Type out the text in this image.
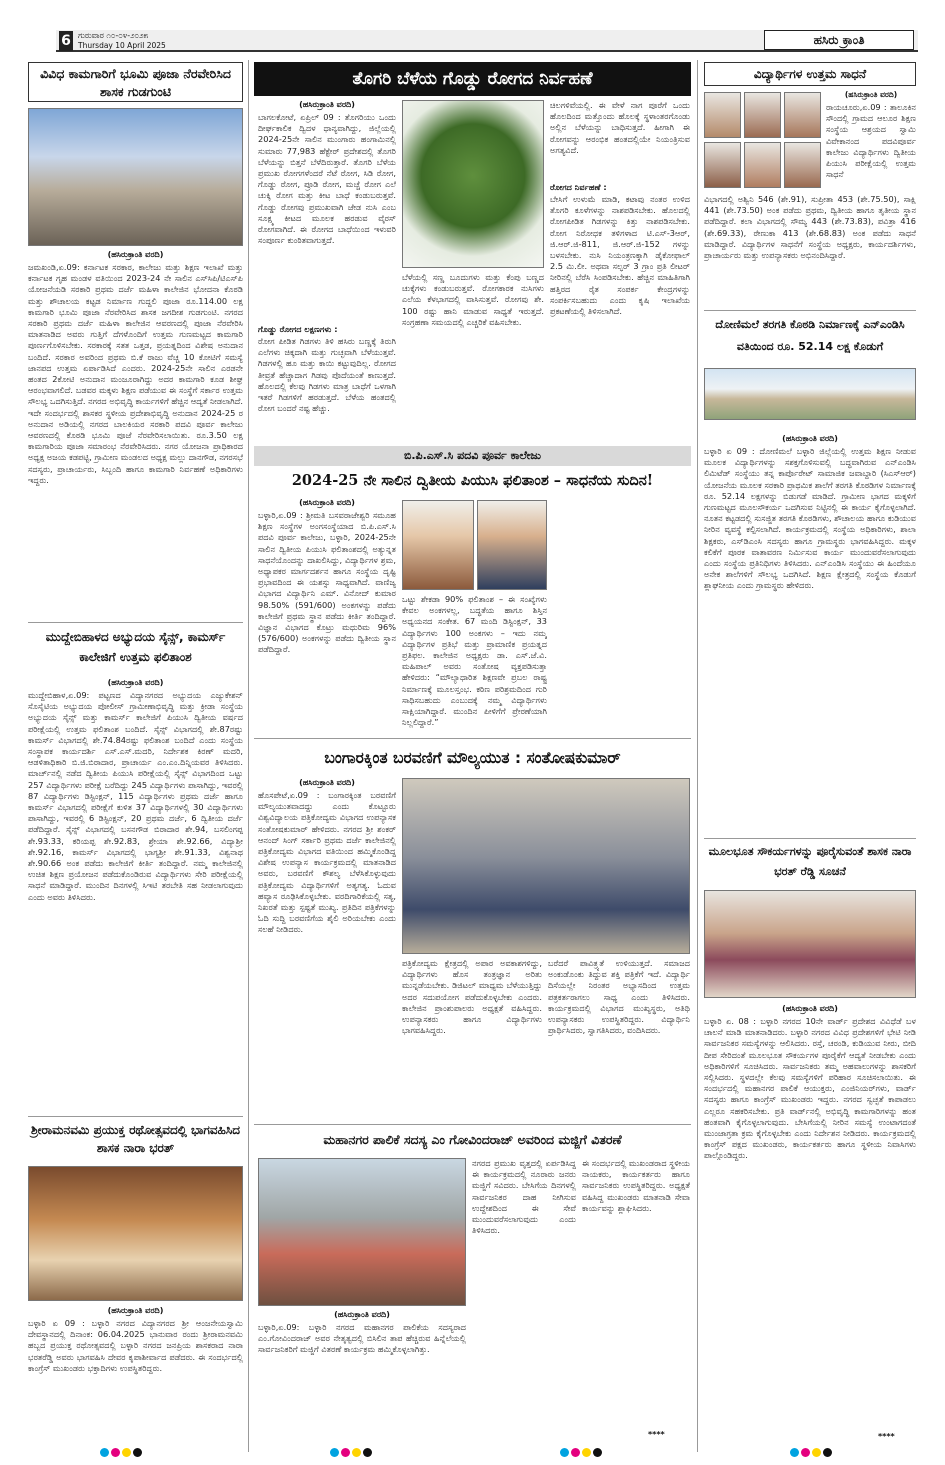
6 ಗುರುವಾರ ೧೦-೦೪-೨೦೨೫
Thursday 10 April 2025	ಹಸಿರು ಕ್ರಾಂತಿ
ವಿವಿಧ ಕಾಮಗಾರಿಗೆ ಭೂಮಿ ಪೂಜಾ ನೆರವೇರಿಸಿದ ಶಾಸಕ ಗುಡಗುಂಟಿ
(ಹಸಿರುಕ್ರಾಂತಿ ವರದಿ)
ಜಮಖಂಡಿ,ಏ.09: ಕರ್ನಾಟಕ ಸರಕಾರ, ಕಾಲೇಜು ಮತ್ತು ಶಿಕ್ಷಣ ಇಲಾಖೆ ಮತ್ತು ಕರ್ನಾಟಕ ಗೃಹ ಮಂಡಳ ವತಿಯಿಂದ 2023-24 ನೇ ಸಾಲಿನ ಎಸ್‌ಸಿಪಿ/ಟಿಎಸ್‌ಪಿ ಯೋಜನೆಯಡಿ ಸರಕಾರಿ ಪ್ರಥಮ ದರ್ಜೆ ಮಹಿಳಾ ಕಾಲೇಜಿನ ಭೋದನಾ ಕೊಠಡಿ ಮತ್ತು ಶೌಚಾಲಯ ಕಟ್ಟಡ ನಿರ್ಮಾಣ ಗುದ್ದಲಿ ಪೂಜಾ ರೂ.114.00 ಲಕ್ಷ ಕಾಮಗಾರಿ ಭೂಮಿ ಪೂಜಾ ನೆರವೇರಿಸಿದ ಶಾಸಕ ಜಗದೀಶ ಗುಡಗುಂಟಿ. ನಗರದ ಸರಕಾರಿ ಪ್ರಥಮ ದರ್ಜೆ ಮಹಿಳಾ ಕಾಲೇಜಿನ ಆವರಣದಲ್ಲಿ ಪೂಜಾ ನೆರವೇರಿಸಿ ಮಾತನಾಡಿದ ಅವರು ಗುತ್ತಿಗೆ ದೆಗಳೊಂದಿಗೆ ಉತ್ತಮ ಗುಣಮಟ್ಟದ ಕಾಮಗಾರಿ ಪೂರ್ಣಗೊಳಿಸಬೇಕು. ಸರಕಾರಕ್ಕೆ ಸತತ ಒತ್ತಡ, ಪ್ರಯತ್ನದಿಂದ ವಿಶೇಷ ಅನುದಾನ ಬಂದಿದೆ. ಸರಕಾರ ಅವರಿಂದ ಪ್ರಥಮ ಬಿ.ಕೆ ರಾಜು ವೆಚ್ಚ 10 ಕೋಟಿಗೆ ಸಮಸ್ಯೆ ಜಾನಪದ ಉತ್ತಮ ಏರ್ಪಾಡಿಸಿದೆ ಎಂದರು. 2024-25ನೇ ಸಾಲಿನ ಎರಡನೇ ಹಂತದ 2ಕೋಟಿ ಅನುದಾನ ಮಂಜೂರಾಗಿದ್ದು ಅದರ ಕಾಮಗಾರಿ ಕೂಡ ಶೀಘ್ರ ಆರಂಭವಾಗಲಿದೆ. ಬಡವರ ಮಕ್ಕಳು ಶಿಕ್ಷಣ ಪಡೆಯುವ ಈ ಸಂಸ್ಥೆಗೆ ಸರ್ಕಾರ ಉತ್ತಮ ಸೌಲಭ್ಯ ಒದಗಿಸುತ್ತಿದೆ. ನಗರದ ಅಭಿವೃದ್ಧಿ ಕಾರ್ಯಗಳಿಗೆ ಹೆಚ್ಚಿನ ಆದ್ಯತೆ ನೀಡಲಾಗಿದೆ. ಇದೇ ಸಂದರ್ಭದಲ್ಲಿ ಶಾಸಕರ ಸ್ಥಳೀಯ ಪ್ರದೇಶಾಭಿವೃದ್ಧಿ ಅನುದಾನ 2024-25 ರ ಅನುದಾನ ಅಡಿಯಲ್ಲಿ ನಗರದ ಬಾಲಕಿಯರ ಸರಕಾರಿ ಪದವಿ ಪೂರ್ವ ಕಾಲೇಜು ಆವರಣದಲ್ಲಿ ಕೊಠಡಿ ಭೂಮಿ ಪೂಜೆ ನೆರವೇರಿಸಲಾಯಿತು. ರೂ.3.50 ಲಕ್ಷ ಕಾಮಗಾರಿಯ ಪೂಜಾ ಸಮಾರಂಭ ನೆರವೇರಿಸಿದರು. ನಗರ ಯೋಜನಾ ಪ್ರಾಧಿಕಾರದ ಅಧ್ಯಕ್ಷ ಅಜಯ ಕಡಪಟ್ಟಿ, ಗ್ರಾಮೀಣ ಮಂಡಲದ ಅಧ್ಯಕ್ಷ ಮಲ್ಲು ದಾನಗೌಡ, ನಗರಸಭೆ ಸದಸ್ಯರು, ಪ್ರಾಚಾರ್ಯರು, ಸಿಬ್ಬಂದಿ ಹಾಗೂ ಕಾಮಗಾರಿ ನಿರ್ವಹಣೆ ಅಧಿಕಾರಿಗಳು ಇದ್ದರು.
ಮುದ್ದೇಬಿಹಾಳದ ಅಭ್ಯುದಯ ಸೈನ್ಸ್, ಕಾಮರ್ಸ್ ಕಾಲೇಜಿಗೆ ಉತ್ತಮ ಫಲಿತಾಂಶ
(ಹಸಿರುಕ್ರಾಂತಿ ವರದಿ)
ಮುದ್ದೇಬಿಹಾಳ,ಏ.09: ಪಟ್ಟಣದ ವಿದ್ಯಾನಗರದ ಅಭ್ಯುದಯ ಎಜ್ಯುಕೇಶನ್ ಸೊಸೈಟಿಯ ಅಭ್ಯುದಯ ಪೋಲೀಸ್ ಗ್ರಾಮೀಣಾಭಿವೃದ್ಧಿ ಮತ್ತು ಕ್ರೀಡಾ ಸಂಸ್ಥೆಯ ಅಭ್ಯುದಯ ಸೈನ್ಸ್ ಮತ್ತು ಕಾಮರ್ಸ್ ಕಾಲೇಜಿಗೆ ಪಿಯುಸಿ ದ್ವಿತೀಯ ವರ್ಷದ ಪರೀಕ್ಷೆಯಲ್ಲಿ ಉತ್ತಮ ಫಲಿತಾಂಶ ಬಂದಿದೆ. ಸೈನ್ಸ್ ವಿಭಾಗದಲ್ಲಿ ಶೇ.87ರಷ್ಟು ಕಾಮರ್ಸ್ ವಿಭಾಗದಲ್ಲಿ ಶೇ.74.84ರಷ್ಟು ಫಲಿತಾಂಶ ಬಂದಿದೆ ಎಂದು ಸಂಸ್ಥೆಯ ಸಂಸ್ಥಾಪಕ ಕಾರ್ಯದರ್ಶಿ ಎಸ್.ಎಸ್.ಮದರಿ, ನಿರ್ದೇಶಕ ಕಿರಣ್ ಮದರಿ, ಆಡಳಿತಾಧಿಕಾರಿ ಬಿ.ಜಿ.ಬಿರಾದಾರ, ಪ್ರಾಚಾರ್ಯ ಎಂ.ಎಂ.ದಿನ್ನಿಯವರ ತಿಳಿಸಿದರು. ಮಾರ್ಚ್‌ನಲ್ಲಿ ನಡೆದ ದ್ವಿತೀಯ ಪಿಯುಸಿ ಪರೀಕ್ಷೆಯಲ್ಲಿ ಸೈನ್ಸ್ ವಿಭಾಗದಿಂದ ಒಟ್ಟು 257 ವಿದ್ಯಾರ್ಥಿಗಳು ಪರೀಕ್ಷೆ ಬರೆದಿದ್ದು 245 ವಿದ್ಯಾರ್ಥಿಗಳು ಪಾಸಾಗಿದ್ದು, ಇವರಲ್ಲಿ 87 ವಿದ್ಯಾರ್ಥಿಗಳು ಡಿಸ್ಟಿಂಕ್ಷನ್, 115 ವಿದ್ಯಾರ್ಥಿಗಳು ಪ್ರಥಮ ದರ್ಜೆ ಹಾಗೂ ಕಾಮರ್ಸ್ ವಿಭಾಗದಲ್ಲಿ ಪರೀಕ್ಷೆಗೆ ಕುಳಿತ 37 ವಿದ್ಯಾರ್ಥಿಗಳಲ್ಲಿ 30 ವಿದ್ಯಾರ್ಥಿಗಳು ಪಾಸಾಗಿದ್ದು, ಇವರಲ್ಲಿ 6 ಡಿಸ್ಟಿಂಕ್ಷನ್, 20 ಪ್ರಥಮ ದರ್ಜೆ, 6 ದ್ವಿತೀಯ ದರ್ಜೆ ಪಡೆದಿದ್ದಾರೆ. ಸೈನ್ಸ್ ವಿಭಾಗದಲ್ಲಿ ಬಸನಗೌಡ ಬಿರಾದಾರ ಶೇ.94, ಬಸಲಿಂಗಪ್ಪ ಶೇ.93.33, ಕರಿಯಪ್ಪ ಶೇ.92.83, ಶ್ರೇಯಾ ಶೇ.92.66, ವಿದ್ಯಾಶ್ರೀ ಶೇ.92.16, ಕಾಮರ್ಸ್ ವಿಭಾಗದಲ್ಲಿ ಭಾಗ್ಯಶ್ರೀ ಶೇ.91.33, ವಿಶ್ವನಾಥ ಶೇ.90.66 ಅಂಕ ಪಡೆದು ಕಾಲೇಜಿಗೆ ಕೀರ್ತಿ ತಂದಿದ್ದಾರೆ. ನಮ್ಮ ಕಾಲೇಜಿನಲ್ಲಿ ಉಚಿತ ಶಿಕ್ಷಣ ಪ್ರಯೋಜನ ಪಡೆದುಕೊಂಡಿರುವ ವಿದ್ಯಾರ್ಥಿಗಳು ಸೇರಿ ಪರೀಕ್ಷೆಯಲ್ಲಿ ಸಾಧನೆ ಮಾಡಿದ್ದಾರೆ. ಮುಂದಿನ ದಿನಗಳಲ್ಲಿ ಸಿಇಟಿ ತರಬೇತಿ ಸಹ ನೀಡಲಾಗುವುದು ಎಂದು ಅವರು ತಿಳಿಸಿದರು.
ಶ್ರೀರಾಮನವಮಿ ಪ್ರಯುಕ್ತ ರಥೋತ್ಸವದಲ್ಲಿ ಭಾಗವಹಿಸಿದ ಶಾಸಕ ನಾರಾ ಭರತ್
(ಹಸಿರುಕ್ರಾಂತಿ ವರದಿ)
ಬಳ್ಳಾರಿ ಏ 09 : ಬಳ್ಳಾರಿ ನಗರದ ವಿದ್ಯಾನಗರದ ಶ್ರೀ ಆಂಜನೇಯಸ್ವಾಮಿ ದೇವಸ್ಥಾನದಲ್ಲಿ ದಿನಾಂಕ: 06.04.2025 ಭಾನುವಾರ ರಂದು ಶ್ರೀರಾಮನವಮಿ ಹಬ್ಬದ ಪ್ರಯುಕ್ತ ರಥೋತ್ಸವದಲ್ಲಿ ಬಳ್ಳಾರಿ ನಗರದ ಜನಪ್ರಿಯ ಶಾಸಕರಾದ ನಾರಾ ಭರತರೆಡ್ಡಿ ಅವರು ಭಾಗವಹಿಸಿ ದೇವರ ಕೃಪಾಶೀರ್ವಾದ ಪಡೆದರು. ಈ ಸಂದರ್ಭದಲ್ಲಿ ಕಾಂಗ್ರೆಸ್ ಮುಖಂಡರು ಭಕ್ತಾದಿಗಳು ಉಪಸ್ಥಿತರಿದ್ದರು.
ತೊಗರಿ ಬೆಳೆಯ ಗೊಡ್ಡು ರೋಗದ ನಿರ್ವಹಣೆ
(ಹಸಿರುಕ್ರಾಂತಿ ವರದಿ)
ಬಾಗಲಕೋಟೆ, ಏಪ್ರಿಲ್ 09 : ತೊಗರಿಯು ಒಂದು ದೀರ್ಘಕಾಲಿಕ ದ್ವಿದಳ ಧಾನ್ಯವಾಗಿದ್ದು, ಜಿಲ್ಲೆಯಲ್ಲಿ 2024-25ನೇ ಸಾಲಿನ ಮುಂಗಾರು ಹಂಗಾಮಿನಲ್ಲಿ ಸುಮಾರು 77,983 ಹೆಕ್ಟೇರ್ ಪ್ರದೇಶದಲ್ಲಿ ತೊಗರಿ ಬೆಳೆಯನ್ನು ಬಿತ್ತನೆ ಬೆಳೆದಿರುತ್ತಾರೆ. ತೊಗರಿ ಬೆಳೆಯ ಪ್ರಮುಖ ರೋಗಗಳೆಂದರೆ ನೆಟೆ ರೋಗ, ಸಿಡಿ ರೋಗ, ಗೊಡ್ಡು ರೋಗ, ಪ್ರೂಡಿ ರೋಗ, ಮಚ್ಚೆ ರೋಗ ಎಲೆ ಚುಕ್ಕಿ ರೋಗ ಮತ್ತು ಕೀಟ ಬಾಧೆ ಕಂಡುಬರುತ್ತವೆ. ಗೊಡ್ಡು ರೋಗವು ಪ್ರಮುಖವಾಗಿ ಜೇಡ ನುಸಿ ಎಂಬ ಸೂಕ್ಷ್ಮ ಕೀಟದ ಮೂಲಕ ಹರಡುವ ವೈರಸ್ ರೋಗವಾಗಿದೆ. ಈ ರೋಗದ ಬಾಧೆಯಿಂದ ಇಳುವರಿ ಸಂಪೂರ್ಣ ಕುಂಠಿತವಾಗುತ್ತದೆ.
ಗೊಡ್ಡು ರೋಗದ ಲಕ್ಷಣಗಳು :
ರೋಗ ಪೀಡಿತ ಗಿಡಗಳು ತಿಳಿ ಹಸಿರು ಬಣ್ಣಕ್ಕೆ ತಿರುಗಿ ಎಲೆಗಳು ಚಿಕ್ಕದಾಗಿ ಮತ್ತು ಗುಚ್ಛವಾಗಿ ಬೆಳೆಯುತ್ತವೆ. ಗಿಡಗಳಲ್ಲಿ ಹೂ ಮತ್ತು ಕಾಯಿ ಕಟ್ಟುವುದಿಲ್ಲ. ರೋಗದ ತೀವ್ರತೆ ಹೆಚ್ಚಾದಾಗ ಗಿಡವು ಪೊದೆಯಂತೆ ಕಾಣುತ್ತದೆ. ಹೊಲದಲ್ಲಿ ಕೆಲವು ಗಿಡಗಳು ಮಾತ್ರ ಬಾಧೆಗೆ ಒಳಗಾಗಿ ಇತರೆ ಗಿಡಗಳಿಗೆ ಹರಡುತ್ತದೆ. ಬೆಳೆಯ ಹಂತದಲ್ಲಿ ರೋಗ ಬಂದರೆ ನಷ್ಟ ಹೆಚ್ಚು.
ಬೆಳೆಯಲ್ಲಿ ಸಣ್ಣ ಬೂದುಗಳು ಮತ್ತು ಕೆಂಪು ಬಣ್ಣದ ಚುಕ್ಕೆಗಳು ಕಂಡುಬರುತ್ತವೆ. ರೋಗಕಾರಕ ನುಸಿಗಳು ಎಲೆಯ ಕೆಳಭಾಗದಲ್ಲಿ ವಾಸಿಸುತ್ತವೆ. ರೋಗವು ಶೇ. 100 ರಷ್ಟು ಹಾನಿ ಮಾಡುವ ಸಾಧ್ಯತೆ ಇರುತ್ತದೆ. ಸಂಗ್ರಹಣಾ ಸಮಯದಲ್ಲಿ ಎಚ್ಚರಿಕೆ ವಹಿಸಬೇಕು.
ಚಿಲಗಳಿವೆಯಲ್ಲಿ. ಈ ವೇಳೆ ನಾಗ ಪೂರೆಗೆ ಒಂದು ಹೊಲದಿಂದ ಮತ್ತೊಂದು ಹೊಲಕ್ಕೆ ಸ್ಥಳಾಂತರಗೊಂಡು ಅಲ್ಲಿನ ಬೆಳೆಯನ್ನು ಬಾಧಿಸುತ್ತದೆ. ಹೀಗಾಗಿ ಈ ರೋಗವನ್ನು ಆರಂಭಿಕ ಹಂತದಲ್ಲಿಯೇ ನಿಯಂತ್ರಿಸುವ ಅಗತ್ಯವಿದೆ.
ರೋಗದ ನಿರ್ವಹಣೆ :
ಬೇಸಿಗೆ ಉಳುಮೆ ಮಾಡಿ, ಕಟಾವು ನಂತರ ಉಳಿದ ತೊಗರಿ ಕೂಳೆಗಳನ್ನು ನಾಶಪಡಿಸಬೇಕು. ಹೊಲದಲ್ಲಿ ರೋಗಪೀಡಿತ ಗಿಡಗಳನ್ನು ಕಿತ್ತು ನಾಶಪಡಿಸಬೇಕು. ರೋಗ ನಿರೋಧಕ ತಳಿಗಳಾದ ಟಿ.ಎಸ್-3ಆರ್, ಜಿ.ಆರ್.ಜಿ-811, ಜಿ.ಆರ್.ಜಿ-152 ಗಳನ್ನು ಬಳಸಬೇಕು. ನುಸಿ ನಿಯಂತ್ರಣಕ್ಕಾಗಿ ಡೈಕೋಫಾಲ್ 2.5 ಮಿ.ಲೀ. ಅಥವಾ ಸಲ್ಫರ್ 3 ಗ್ರಾಂ ಪ್ರತಿ ಲೀಟರ್ ನೀರಿನಲ್ಲಿ ಬೆರೆಸಿ ಸಿಂಪಡಿಸಬೇಕು. ಹೆಚ್ಚಿನ ಮಾಹಿತಿಗಾಗಿ ಹತ್ತಿರದ ರೈತ ಸಂಪರ್ಕ ಕೇಂದ್ರಗಳನ್ನು ಸಂಪರ್ಕಿಸಬಹುದು ಎಂದು ಕೃಷಿ ಇಲಾಖೆಯ ಪ್ರಕಟಣೆಯಲ್ಲಿ ತಿಳಿಸಲಾಗಿದೆ.
ಬಿ.ಪಿ.ಎಸ್.ಸಿ ಪದವಿ ಪೂರ್ವ ಕಾಲೇಜು
2024-25 ನೇ ಸಾಲಿನ ದ್ವಿತೀಯ ಪಿಯುಸಿ ಫಲಿತಾಂಶ – ಸಾಧನೆಯ ಸುದಿನ!
(ಹಸಿರುಕ್ರಾಂತಿ ವರದಿ)
ಬಳ್ಳಾರಿ,ಏ.09 : ಶ್ರೀಮತಿ ಬಸವರಾಜೇಶ್ವರಿ ಸಮೂಹ ಶಿಕ್ಷಣ ಸಂಸ್ಥೆಗಳ ಅಂಗಸಂಸ್ಥೆಯಾದ ಬಿ.ಪಿ.ಎಸ್.ಸಿ ಪದವಿ ಪೂರ್ವ ಕಾಲೇಜು, ಬಳ್ಳಾರಿ, 2024-25ನೇ ಸಾಲಿನ ದ್ವಿತೀಯ ಪಿಯುಸಿ ಫಲಿತಾಂಶದಲ್ಲಿ ಅತ್ಯುನ್ನತ ಸಾಧನೆಯೊಂದನ್ನು ದಾಖಲಿಸಿದ್ದು, ವಿದ್ಯಾರ್ಥಿಗಳ ಶ್ರಮ, ಅಧ್ಯಾಪಕರ ಮಾರ್ಗದರ್ಶನ ಹಾಗೂ ಸಂಸ್ಥೆಯ ದೃಷ್ಟಿ ಪ್ರಭಾವದಿಂದ ಈ ಯಶಸ್ಸು ಸಾಧ್ಯವಾಗಿದೆ. ವಾಣಿಜ್ಯ ವಿಭಾಗದ ವಿದ್ಯಾರ್ಥಿನಿ ಎಮ್. ವಿನೋದ್ ಕುಮಾರ 98.50% (591/600) ಅಂಕಗಳನ್ನು ಪಡೆದು ಕಾಲೇಜಿಗೆ ಪ್ರಥಮ ಸ್ಥಾನ ಪಡೆದು ಕೀರ್ತಿ ತಂದಿದ್ದಾರೆ. ವಿಜ್ಞಾನ ವಿಭಾಗದ ಕೊಟ್ರು ಮಧುರಿಮ 96% (576/600) ಅಂಕಗಳನ್ನು ಪಡೆದು ದ್ವಿತೀಯ ಸ್ಥಾನ ಪಡೆದಿದ್ದಾರೆ.
ಒಟ್ಟು ಶೇಕಡಾ 90% ಫಲಿತಾಂಶ – ಈ ಸಂಖ್ಯೆಗಳು ಕೇವಲ ಅಂಕಗಳಲ್ಲ, ಬದ್ಧತೆಯ ಹಾಗೂ ಶಿಸ್ತಿನ ಅಧ್ಯಯನದ ಸಂಕೇತ. 67 ಮಂದಿ ಡಿಸ್ಟಿಂಕ್ಷನ್, 33 ವಿದ್ಯಾರ್ಥಿಗಳು 100 ಅಂಕಗಳು – ಇದು ನಮ್ಮ ವಿದ್ಯಾರ್ಥಿಗಳ ಪ್ರತಿಭೆ ಮತ್ತು ಪ್ರಾಮಾಣಿಕ ಪ್ರಯತ್ನದ ಪ್ರತಿಫಲ. ಕಾಲೇಜಿನ ಅಧ್ಯಕ್ಷರು ಡಾ. ಎಸ್.ಜೆ.ವಿ. ಮಹಿಪಾಲ್ ಅವರು ಸಂತೋಷ ವ್ಯಕ್ತಪಡಿಸುತ್ತಾ ಹೇಳಿದರು: “ಮೌಲ್ಯಾಧಾರಿತ ಶಿಕ್ಷಣವೇ ಪ್ರಬಲ ರಾಷ್ಟ್ರ ನಿರ್ಮಾಣಕ್ಕೆ ಮೂಲಸ್ತಂಭ. ಕಠಿಣ ಪರಿಶ್ರಮದಿಂದ ಗುರಿ ಸಾಧಿಸಬಹುದು ಎಂಬುದಕ್ಕೆ ನಮ್ಮ ವಿದ್ಯಾರ್ಥಿಗಳು ಸಾಕ್ಷಿಯಾಗಿದ್ದಾರೆ. ಮುಂದಿನ ಪೀಳಿಗೆಗೆ ಪ್ರೇರಣೆಯಾಗಿ ನಿಲ್ಲಲಿದ್ದಾರೆ.”
ಬಂಗಾರಕ್ಕಿಂತ ಬರವಣಿಗೆ ಮೌಲ್ಯಯುತ : ಸಂತೋಷಕುಮಾರ್
(ಹಸಿರುಕ್ರಾಂತಿ ವರದಿ)
ಹೊಸಪೇಟೆ,ಏ.09 : ಬಂಗಾರಕ್ಕಿಂತ ಬರವಣಿಗೆ ಮೌಲ್ಯಯುತವಾದದ್ದು ಎಂದು ಕೊಟ್ಟೂರು ವಿಶ್ವವಿದ್ಯಾಲಯ ಪತ್ರಿಕೋದ್ಯಮ ವಿಭಾಗದ ಉಪನ್ಯಾಸಕ ಸಂತೋಷಕುಮಾರ್ ಹೇಳಿದರು. ನಗರದ ಶ್ರೀ ಶಂಕರ್ ಆನಂದ್ ಸಿಂಗ್ ಸರ್ಕಾರಿ ಪ್ರಥಮ ದರ್ಜೆ ಕಾಲೇಜಿನಲ್ಲಿ ಪತ್ರಿಕೋದ್ಯಮ ವಿಭಾಗದ ವತಿಯಿಂದ ಹಮ್ಮಿಕೊಂಡಿದ್ದ ವಿಶೇಷ ಉಪನ್ಯಾಸ ಕಾರ್ಯಕ್ರಮದಲ್ಲಿ ಮಾತನಾಡಿದ ಅವರು, ಬರವಣಿಗೆ ಕೌಶಲ್ಯ ಬೆಳೆಸಿಕೊಳ್ಳುವುದು ಪತ್ರಿಕೋದ್ಯಮ ವಿದ್ಯಾರ್ಥಿಗಳಿಗೆ ಅತ್ಯಗತ್ಯ. ಓದುವ ಹವ್ಯಾಸ ರೂಢಿಸಿಕೊಳ್ಳಬೇಕು. ವರದಿಗಾರಿಕೆಯಲ್ಲಿ ಸತ್ಯ, ನಿಖರತೆ ಮತ್ತು ಸ್ಪಷ್ಟತೆ ಮುಖ್ಯ. ಪ್ರತಿದಿನ ಪತ್ರಿಕೆಗಳನ್ನು ಓದಿ ಸುದ್ದಿ ಬರವಣಿಗೆಯ ಶೈಲಿ ಅರಿಯಬೇಕು ಎಂದು ಸಲಹೆ ನೀಡಿದರು.
ಪತ್ರಿಕೋದ್ಯಮ ಕ್ಷೇತ್ರದಲ್ಲಿ ಅಪಾರ ಅವಕಾಶಗಳಿದ್ದು, ವಿದ್ಯಾರ್ಥಿಗಳು ಹೊಸ ತಂತ್ರಜ್ಞಾನ ಅರಿತು ಮುನ್ನಡೆಯಬೇಕು. ಡಿಜಿಟಲ್ ಮಾಧ್ಯಮ ಬೆಳೆಯುತ್ತಿದ್ದು ಅದರ ಸದುಪಯೋಗ ಪಡೆದುಕೊಳ್ಳಬೇಕು ಎಂದರು. ಕಾಲೇಜಿನ ಪ್ರಾಂಶುಪಾಲರು ಅಧ್ಯಕ್ಷತೆ ವಹಿಸಿದ್ದರು. ಉಪನ್ಯಾಸಕರು ಹಾಗೂ ವಿದ್ಯಾರ್ಥಿಗಳು ಭಾಗವಹಿಸಿದ್ದರು.
ಬರೆದರೆ ಪಾವಿತ್ರ್ಯತೆ ಉಳಿಯುತ್ತದೆ. ಸಮಾಜದ ಅಂಕುಡೊಂಕು ತಿದ್ದುವ ಶಕ್ತಿ ಪತ್ರಿಕೆಗೆ ಇದೆ. ವಿದ್ಯಾರ್ಥಿ ದಿಸೆಯಲ್ಲೇ ನಿರಂತರ ಅಭ್ಯಾಸದಿಂದ ಉತ್ತಮ ಪತ್ರಕರ್ತರಾಗಲು ಸಾಧ್ಯ ಎಂದು ತಿಳಿಸಿದರು. ಕಾರ್ಯಕ್ರಮದಲ್ಲಿ ವಿಭಾಗದ ಮುಖ್ಯಸ್ಥರು, ಅತಿಥಿ ಉಪನ್ಯಾಸಕರು ಉಪಸ್ಥಿತರಿದ್ದರು. ವಿದ್ಯಾರ್ಥಿನಿ ಪ್ರಾರ್ಥಿಸಿದರು, ಸ್ವಾಗತಿಸಿದರು, ವಂದಿಸಿದರು.
ಮಹಾನಗರ ಪಾಲಿಕೆ ಸದಸ್ಯ ಎಂ ಗೋವಿಂದರಾಜ್ ಅವರಿಂದ ಮಜ್ಜಿಗೆ ವಿತರಣೆ
(ಹಸಿರುಕ್ರಾಂತಿ ವರದಿ)
ಬಳ್ಳಾರಿ,ಏ.09: ಬಳ್ಳಾರಿ ನಗರದ ಮಹಾನಗರ ಪಾಲಿಕೆಯ ಸದಸ್ಯರಾದ ಎಂ.ಗೋವಿಂದರಾಜ್ ಅವರ ನೇತೃತ್ವದಲ್ಲಿ ಬಿಸಿಲಿನ ತಾಪ ಹೆಚ್ಚಿರುವ ಹಿನ್ನೆಲೆಯಲ್ಲಿ ಸಾರ್ವಜನಿಕರಿಗೆ ಮಜ್ಜಿಗೆ ವಿತರಣೆ ಕಾರ್ಯಕ್ರಮ ಹಮ್ಮಿಕೊಳ್ಳಲಾಗಿತ್ತು.
ನಗರದ ಪ್ರಮುಖ ವೃತ್ತದಲ್ಲಿ ಏರ್ಪಡಿಸಿದ್ದ ಈ ಕಾರ್ಯಕ್ರಮದಲ್ಲಿ ನೂರಾರು ಜನರು ಮಜ್ಜಿಗೆ ಸವಿದರು. ಬೇಸಿಗೆಯ ದಿನಗಳಲ್ಲಿ ಸಾರ್ವಜನಿಕರ ದಾಹ ನೀಗಿಸುವ ಉದ್ದೇಶದಿಂದ ಈ ಸೇವೆ ಮುಂದುವರೆಸಲಾಗುವುದು ಎಂದು ತಿಳಿಸಿದರು.
ಈ ಸಂದರ್ಭದಲ್ಲಿ ಮುಖಂಡರಾದ ಸ್ಥಳೀಯ ನಾಯಕರು, ಕಾರ್ಯಕರ್ತರು ಹಾಗೂ ಸಾರ್ವಜನಿಕರು ಉಪಸ್ಥಿತರಿದ್ದರು. ಅಧ್ಯಕ್ಷತೆ ವಹಿಸಿದ್ದ ಮುಖಂಡರು ಮಾತನಾಡಿ ಸೇವಾ ಕಾರ್ಯವನ್ನು ಶ್ಲಾಘಿಸಿದರು.
****
ವಿದ್ಯಾರ್ಥಿಗಳ ಉತ್ತಮ ಸಾಧನೆ
(ಹಸಿರುಕ್ರಾಂತಿ ವರದಿ)
ರಾಯಚೂರು,ಏ.09 : ತಾಲೂಕಿನ ಸೌಂದಲ್ಲಿ ಗ್ರಾಮದ ಆಲೂರ ಶಿಕ್ಷಣ ಸಂಸ್ಥೆಯ ಆಶ್ರಯದ ಸ್ವಾಮಿ ವಿವೇಕಾನಂದ ಪದವಿಪೂರ್ವ ಕಾಲೇಜು ವಿದ್ಯಾರ್ಥಿಗಳು ದ್ವಿತೀಯ ಪಿಯುಸಿ ಪರೀಕ್ಷೆಯಲ್ಲಿ ಉತ್ತಮ ಸಾಧನೆ
ವಿಭಾಗದಲ್ಲಿ ಅಶ್ವಿನಿ 546 (ಶೇ.91), ಸುಪ್ರೀತಾ 453 (ಶೇ.75.50), ಸಾಕ್ಷಿ 441 (ಶೇ.73.50) ಅಂಕ ಪಡೆದು ಪ್ರಥಮ, ದ್ವಿತೀಯ ಹಾಗೂ ತೃತೀಯ ಸ್ಥಾನ ಪಡೆದಿದ್ದಾರೆ. ಕಲಾ ವಿಭಾಗದಲ್ಲಿ ಸೌಮ್ಯ 443 (ಶೇ.73.83), ಪವಿತ್ರಾ 416 (ಶೇ.69.33), ರೇಣುಕಾ 413 (ಶೇ.68.83) ಅಂಕ ಪಡೆದು ಸಾಧನೆ ಮಾಡಿದ್ದಾರೆ. ವಿದ್ಯಾರ್ಥಿಗಳ ಸಾಧನೆಗೆ ಸಂಸ್ಥೆಯ ಅಧ್ಯಕ್ಷರು, ಕಾರ್ಯದರ್ಶಿಗಳು, ಪ್ರಾಚಾರ್ಯರು ಮತ್ತು ಉಪನ್ಯಾಸಕರು ಅಭಿನಂದಿಸಿದ್ದಾರೆ.
ದೋಣಿಮಲೆ ತರಗತಿ ಕೊಠಡಿ ನಿರ್ಮಾಣಕ್ಕೆ ಎನ್‌ಎಂಡಿಸಿ ವತಿಯಿಂದ ರೂ. 52.14 ಲಕ್ಷ ಕೊಡುಗೆ
(ಹಸಿರುಕ್ರಾಂತಿ ವರದಿ)
ಬಳ್ಳಾರಿ ಏ 09 : ದೋಣಿಮಲೆ ಬಳ್ಳಾರಿ ಜಿಲ್ಲೆಯಲ್ಲಿ ಉತ್ತಮ ಶಿಕ್ಷಣ ನೀಡುವ ಮೂಲಕ ವಿದ್ಯಾರ್ಥಿಗಳನ್ನು ಸಶಕ್ತಗೊಳಿಸುವಲ್ಲಿ ಬದ್ಧವಾಗಿರುವ ಎನ್‌ಎಂಡಿಸಿ ಲಿಮಿಟೆಡ್ ಸಂಸ್ಥೆಯು ತನ್ನ ಕಾರ್ಪೊರೇಟ್ ಸಾಮಾಜಿಕ ಜವಾಬ್ದಾರಿ (ಸಿಎಸ್‌ಆರ್) ಯೋಜನೆಯ ಮೂಲಕ ಸರಕಾರಿ ಪ್ರಾಥಮಿಕ ಶಾಲೆಗೆ ತರಗತಿ ಕೊಠಡಿಗಳ ನಿರ್ಮಾಣಕ್ಕೆ ರೂ. 52.14 ಲಕ್ಷಗಳನ್ನು ಬಿಡುಗಡೆ ಮಾಡಿದೆ. ಗ್ರಾಮೀಣ ಭಾಗದ ಮಕ್ಕಳಿಗೆ ಗುಣಮಟ್ಟದ ಮೂಲಸೌಕರ್ಯ ಒದಗಿಸುವ ನಿಟ್ಟಿನಲ್ಲಿ ಈ ಕಾರ್ಯ ಕೈಗೊಳ್ಳಲಾಗಿದೆ. ನೂತನ ಕಟ್ಟಡದಲ್ಲಿ ಸುಸಜ್ಜಿತ ತರಗತಿ ಕೊಠಡಿಗಳು, ಶೌಚಾಲಯ ಹಾಗೂ ಕುಡಿಯುವ ನೀರಿನ ವ್ಯವಸ್ಥೆ ಕಲ್ಪಿಸಲಾಗಿದೆ. ಕಾರ್ಯಕ್ರಮದಲ್ಲಿ ಸಂಸ್ಥೆಯ ಅಧಿಕಾರಿಗಳು, ಶಾಲಾ ಶಿಕ್ಷಕರು, ಎಸ್‌ಡಿಎಂಸಿ ಸದಸ್ಯರು ಹಾಗೂ ಗ್ರಾಮಸ್ಥರು ಭಾಗವಹಿಸಿದ್ದರು. ಮಕ್ಕಳ ಕಲಿಕೆಗೆ ಪೂರಕ ವಾತಾವರಣ ನಿರ್ಮಿಸುವ ಕಾರ್ಯ ಮುಂದುವರೆಸಲಾಗುವುದು ಎಂದು ಸಂಸ್ಥೆಯ ಪ್ರತಿನಿಧಿಗಳು ತಿಳಿಸಿದರು. ಎನ್‌ಎಂಡಿಸಿ ಸಂಸ್ಥೆಯು ಈ ಹಿಂದೆಯೂ ಅನೇಕ ಶಾಲೆಗಳಿಗೆ ಸೌಲಭ್ಯ ಒದಗಿಸಿದೆ. ಶಿಕ್ಷಣ ಕ್ಷೇತ್ರದಲ್ಲಿ ಸಂಸ್ಥೆಯ ಕೊಡುಗೆ ಶ್ಲಾಘನೀಯ ಎಂದು ಗ್ರಾಮಸ್ಥರು ಹೇಳಿದರು.
ಮೂಲಭೂತ ಸೌಕರ್ಯಗಳನ್ನು ಪೂರೈಸುವಂತೆ ಶಾಸಕ ನಾರಾ ಭರತ್ ರೆಡ್ಡಿ ಸೂಚನೆ
(ಹಸಿರುಕ್ರಾಂತಿ ವರದಿ)
ಬಳ್ಳಾರಿ ಏ. 08 : ಬಳ್ಳಾರಿ ನಗರದ 10ನೇ ವಾರ್ಡ್ ಪ್ರದೇಶದ ವಿವಿಧೆಡೆ ಬಳ ಚಾಲನೆ ಮಾಡಿ ಮಾತನಾಡಿದರು. ಬಳ್ಳಾರಿ ನಗರದ ವಿವಿಧ ಪ್ರದೇಶಗಳಿಗೆ ಭೇಟಿ ನೀಡಿ ಸಾರ್ವಜನಿಕರ ಸಮಸ್ಯೆಗಳನ್ನು ಆಲಿಸಿದರು. ರಸ್ತೆ, ಚರಂಡಿ, ಕುಡಿಯುವ ನೀರು, ಬೀದಿ ದೀಪ ಸೇರಿದಂತೆ ಮೂಲಭೂತ ಸೌಕರ್ಯಗಳ ಪೂರೈಕೆಗೆ ಆದ್ಯತೆ ನೀಡಬೇಕು ಎಂದು ಅಧಿಕಾರಿಗಳಿಗೆ ಸೂಚಿಸಿದರು. ಸಾರ್ವಜನಿಕರು ತಮ್ಮ ಅಹವಾಲುಗಳನ್ನು ಶಾಸಕರಿಗೆ ಸಲ್ಲಿಸಿದರು. ಸ್ಥಳದಲ್ಲೇ ಕೆಲವು ಸಮಸ್ಯೆಗಳಿಗೆ ಪರಿಹಾರ ಸೂಚಿಸಲಾಯಿತು. ಈ ಸಂದರ್ಭದಲ್ಲಿ ಮಹಾನಗರ ಪಾಲಿಕೆ ಆಯುಕ್ತರು, ಎಂಜಿನಿಯರ್‌ಗಳು, ವಾರ್ಡ್ ಸದಸ್ಯರು ಹಾಗೂ ಕಾಂಗ್ರೆಸ್ ಮುಖಂಡರು ಇದ್ದರು. ನಗರದ ಸ್ವಚ್ಛತೆ ಕಾಪಾಡಲು ಎಲ್ಲರೂ ಸಹಕರಿಸಬೇಕು. ಪ್ರತಿ ವಾರ್ಡ್‌ನಲ್ಲಿ ಅಭಿವೃದ್ಧಿ ಕಾಮಗಾರಿಗಳನ್ನು ಹಂತ ಹಂತವಾಗಿ ಕೈಗೊಳ್ಳಲಾಗುವುದು. ಬೇಸಿಗೆಯಲ್ಲಿ ನೀರಿನ ಸಮಸ್ಯೆ ಉಂಟಾಗದಂತೆ ಮುಂಜಾಗ್ರತಾ ಕ್ರಮ ಕೈಗೊಳ್ಳಬೇಕು ಎಂದು ನಿರ್ದೇಶನ ನೀಡಿದರು. ಕಾರ್ಯಕ್ರಮದಲ್ಲಿ ಕಾಂಗ್ರೆಸ್ ಪಕ್ಷದ ಮುಖಂಡರು, ಕಾರ್ಯಕರ್ತರು ಹಾಗೂ ಸ್ಥಳೀಯ ನಿವಾಸಿಗಳು ಪಾಲ್ಗೊಂಡಿದ್ದರು.
****
